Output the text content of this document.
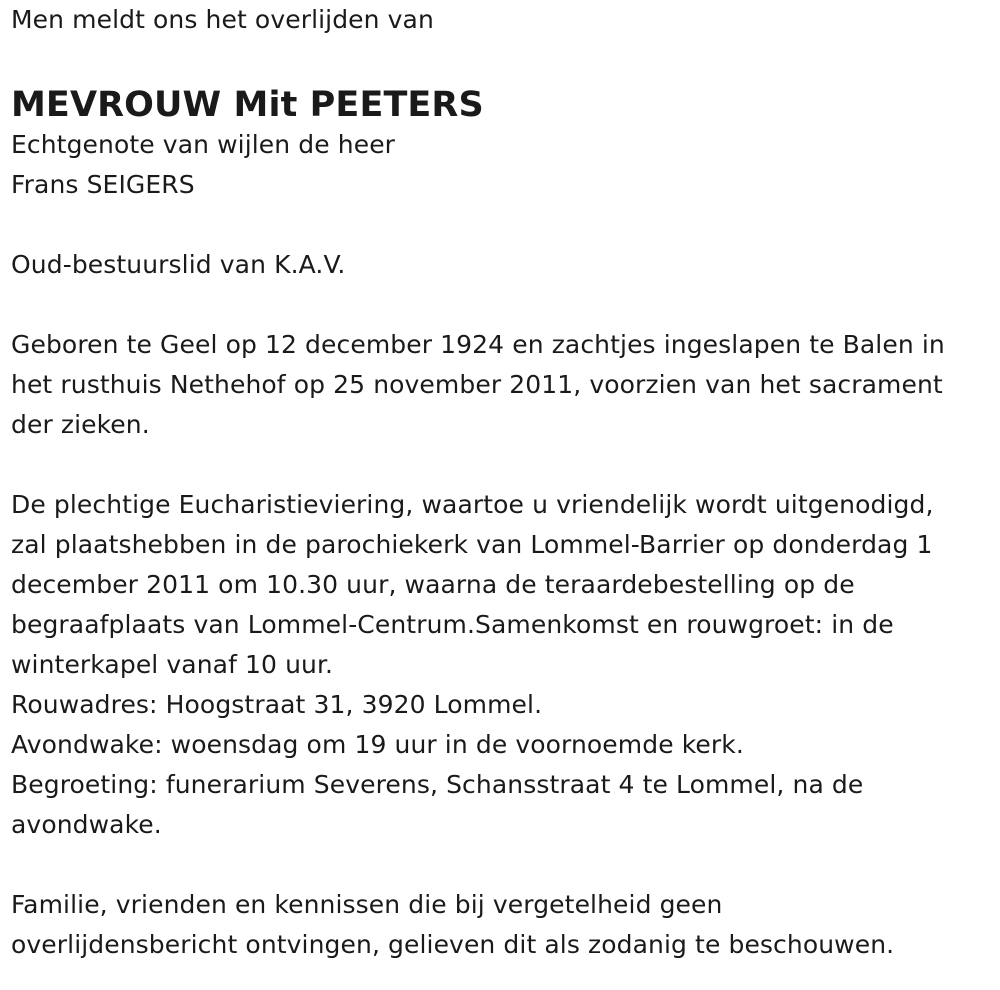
Men meldt ons het overlijden van
MEVROUW Mit PEETERS
Echtgenote van wijlen de heer
Frans SEIGERS
Oud-bestuurslid van K.A.V.
Geboren te Geel op 12 december 1924 en zachtjes ingeslapen te Balen in
het rusthuis Nethehof op 25 november 2011, voorzien van het sacrament
der zieken.
De plechtige Eucharistieviering, waartoe u vriendelijk wordt uitgenodigd,
zal plaatshebben in de parochiekerk van Lommel-Barrier op donderdag 1
december 2011 om 10.30 uur, waarna de teraardebestelling op de
begraafplaats van Lommel-Centrum.Samenkomst en rouwgroet: in de
winterkapel vanaf 10 uur.
Rouwadres: Hoogstraat 31, 3920 Lommel.
Avondwake: woensdag om 19 uur in de voornoemde kerk.
Begroeting: funerarium Severens, Schansstraat 4 te Lommel, na de
avondwake.
Familie, vrienden en kennissen die bij vergetelheid geen
overlijdensbericht ontvingen, gelieven dit als zodanig te beschouwen.
